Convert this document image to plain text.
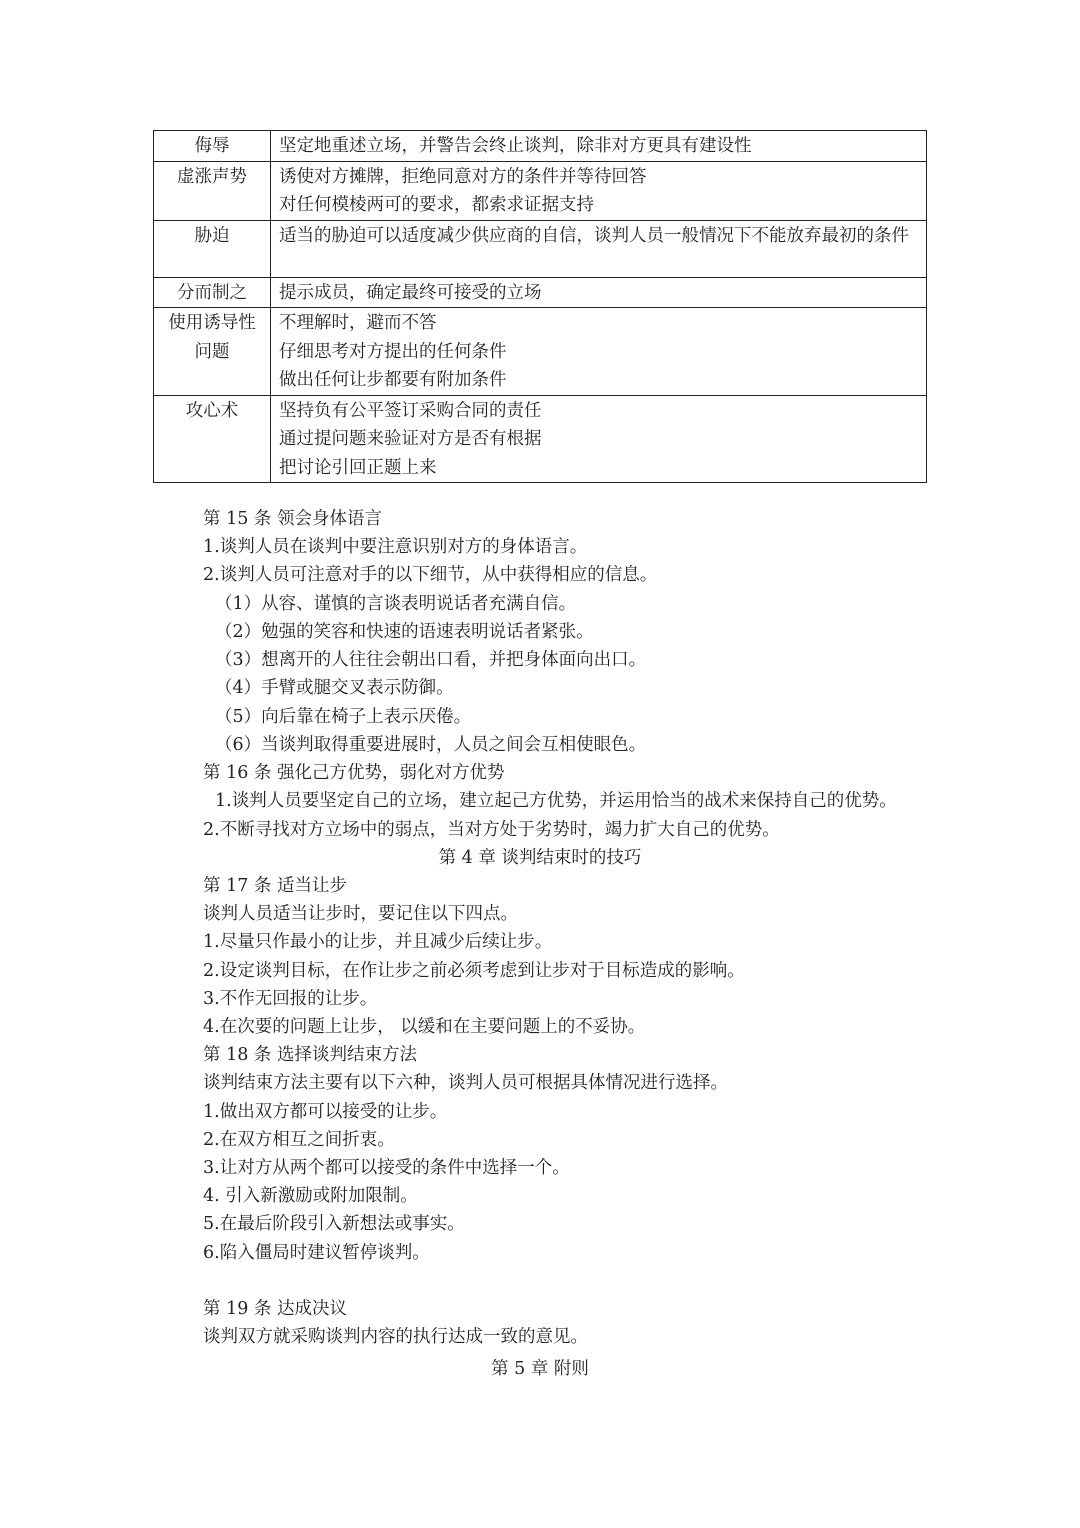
侮辱	坚定地重述立场，并警告会终止谈判，除非对方更具有建设性

虚涨声势	诱使对方摊牌，拒绝同意对方的条件并等待回答
对任何模棱两可的要求，都索求证据支持

胁迫	适当的胁迫可以适度减少供应商的自信，谈判人员一般情况下不能放弃最初的条件

分而制之	提示成员，确定最终可接受的立场

使用诱导性
问题	不理解时，避而不答
仔细思考对方提出的任何条件
做出任何让步都要有附加条件

攻心术	坚持负有公平签订采购合同的责任
通过提问题来验证对方是否有根据
把讨论引回正题上来
第 15 条 领会身体语言
1.谈判人员在谈判中要注意识别对方的身体语言。
2.谈判人员可注意对手的以下细节，从中获得相应的信息。
（1）从容、谨慎的言谈表明说话者充满自信。
（2）勉强的笑容和快速的语速表明说话者紧张。
（3）想离开的人往往会朝出口看，并把身体面向出口。
（4）手臂或腿交叉表示防御。
（5）向后靠在椅子上表示厌倦。
（6）当谈判取得重要进展时，人员之间会互相使眼色。
第 16 条 强化己方优势，弱化对方优势
1.谈判人员要坚定自己的立场，建立起己方优势，并运用恰当的战术来保持自己的优势。
2.不断寻找对方立场中的弱点，当对方处于劣势时，竭力扩大自己的优势。
第 4 章 谈判结束时的技巧
第 17 条 适当让步
谈判人员适当让步时，要记住以下四点。
1.尽量只作最小的让步，并且减少后续让步。
2.设定谈判目标，在作让步之前必须考虑到让步对于目标造成的影响。
3.不作无回报的让步。
4.在次要的问题上让步， 以缓和在主要问题上的不妥协。
第 18 条 选择谈判结束方法
谈判结束方法主要有以下六种，谈判人员可根据具体情况进行选择。
1.做出双方都可以接受的让步。
2.在双方相互之间折衷。
3.让对方从两个都可以接受的条件中选择一个。
4. 引入新激励或附加限制。
5.在最后阶段引入新想法或事实。
6.陷入僵局时建议暂停谈判。
第 19 条 达成决议
谈判双方就采购谈判内容的执行达成一致的意见。
第 5 章 附则
